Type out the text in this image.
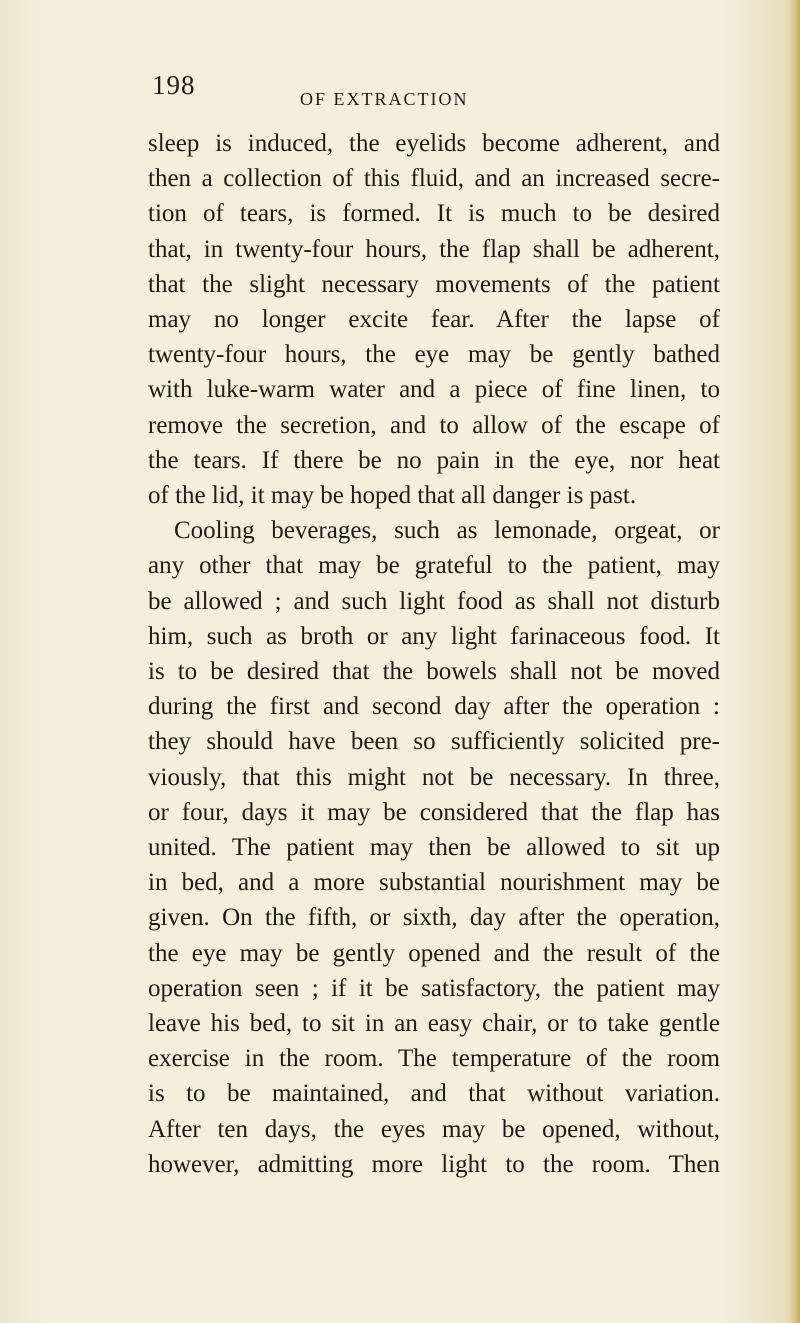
198	OF EXTRACTION
sleep is induced, the eyelids become adherent, and
then a collection of this fluid, and an increased secre-
tion of tears, is formed. It is much to be desired
that, in twenty-four hours, the flap shall be adherent,
that the slight necessary movements of the patient
may no longer excite fear. After the lapse of
twenty-four hours, the eye may be gently bathed
with luke-warm water and a piece of fine linen, to
remove the secretion, and to allow of the escape of
the tears. If there be no pain in the eye, nor heat
of the lid, it may be hoped that all danger is past.
Cooling beverages, such as lemonade, orgeat, or
any other that may be grateful to the patient, may
be allowed ; and such light food as shall not disturb
him, such as broth or any light farinaceous food. It
is to be desired that the bowels shall not be moved
during the first and second day after the operation :
they should have been so sufficiently solicited pre-
viously, that this might not be necessary. In three,
or four, days it may be considered that the flap has
united. The patient may then be allowed to sit up
in bed, and a more substantial nourishment may be
given. On the fifth, or sixth, day after the operation,
the eye may be gently opened and the result of the
operation seen ; if it be satisfactory, the patient may
leave his bed, to sit in an easy chair, or to take gentle
exercise in the room. The temperature of the room
is to be maintained, and that without variation.
After ten days, the eyes may be opened, without,
however, admitting more light to the room. Then
